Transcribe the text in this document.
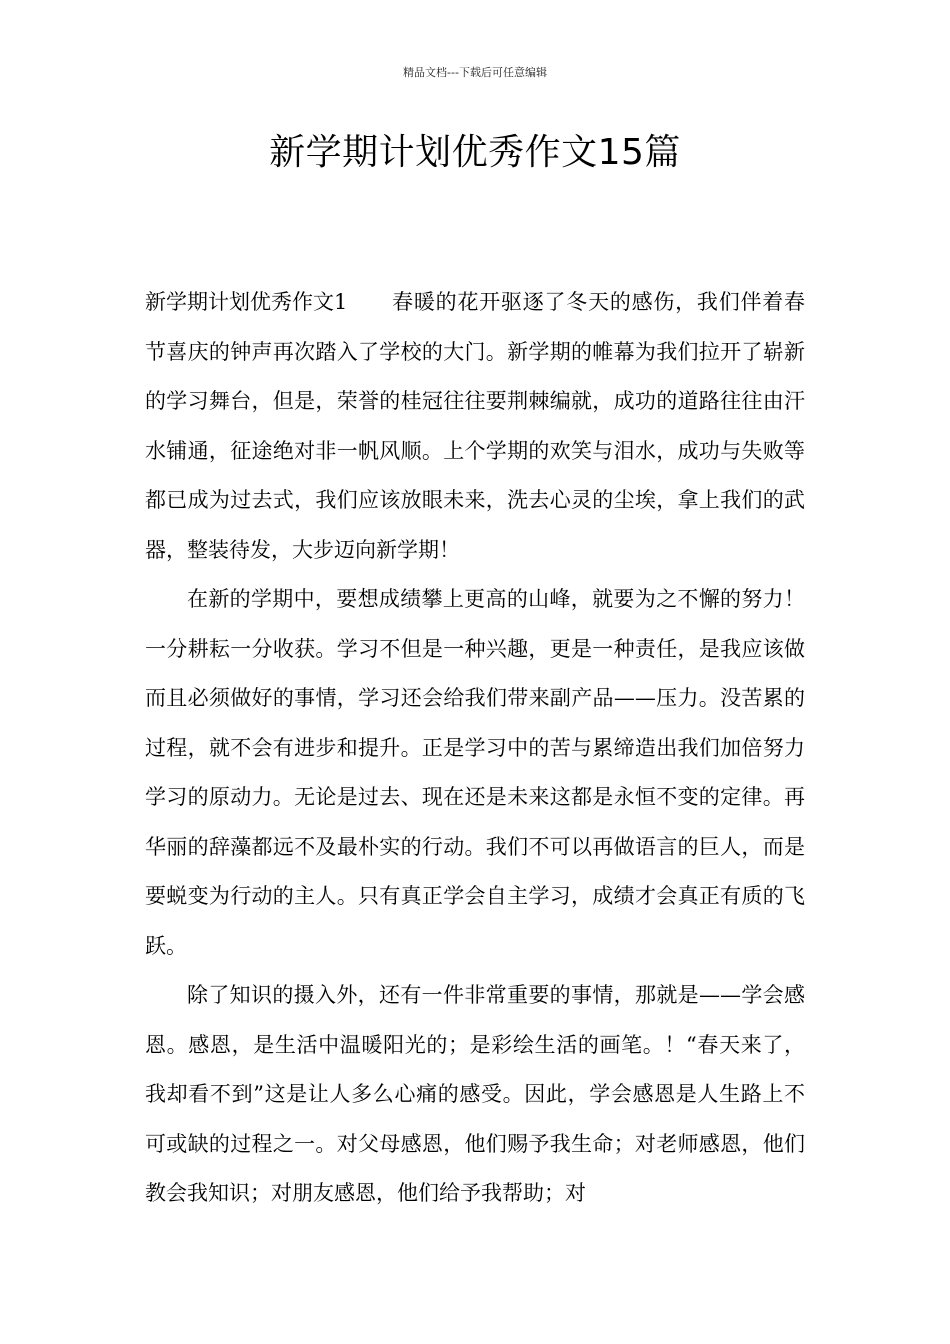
精品文档---下载后可任意编辑
新学期计划优秀作文15篇

新学期计划优秀作文1 春暖的花开驱逐了冬天的感伤，我们伴着春节喜庆的钟声再次踏入了学校的大门。新学期的帷幕为我们拉开了崭新的学习舞台，但是，荣誉的桂冠往往要荆棘编就，成功的道路往往由汗水铺通，征途绝对非一帆风顺。上个学期的欢笑与泪水，成功与失败等都已成为过去式，我们应该放眼未来，洗去心灵的尘埃，拿上我们的武器，整装待发，大步迈向新学期！

在新的学期中，要想成绩攀上更高的山峰，就要为之不懈的努力！一分耕耘一分收获。学习不但是一种兴趣，更是一种责任，是我应该做而且必须做好的事情，学习还会给我们带来副产品——压力。没苦累的过程，就不会有进步和提升。正是学习中的苦与累缔造出我们加倍努力学习的原动力。无论是过去、现在还是未来这都是永恒不变的定律。再华丽的辞藻都远不及最朴实的行动。我们不可以再做语言的巨人，而是要蜕变为行动的主人。只有真正学会自主学习，成绩才会真正有质的飞跃。

除了知识的摄入外，还有一件非常重要的事情，那就是——学会感恩。感恩，是生活中温暖阳光的；是彩绘生活的画笔。！“春天来了，我却看不到”这是让人多么心痛的感受。因此，学会感恩是人生路上不可或缺的过程之一。对父母感恩，他们赐予我生命；对老师感恩，他们教会我知识；对朋友感恩，他们给予我帮助；对
